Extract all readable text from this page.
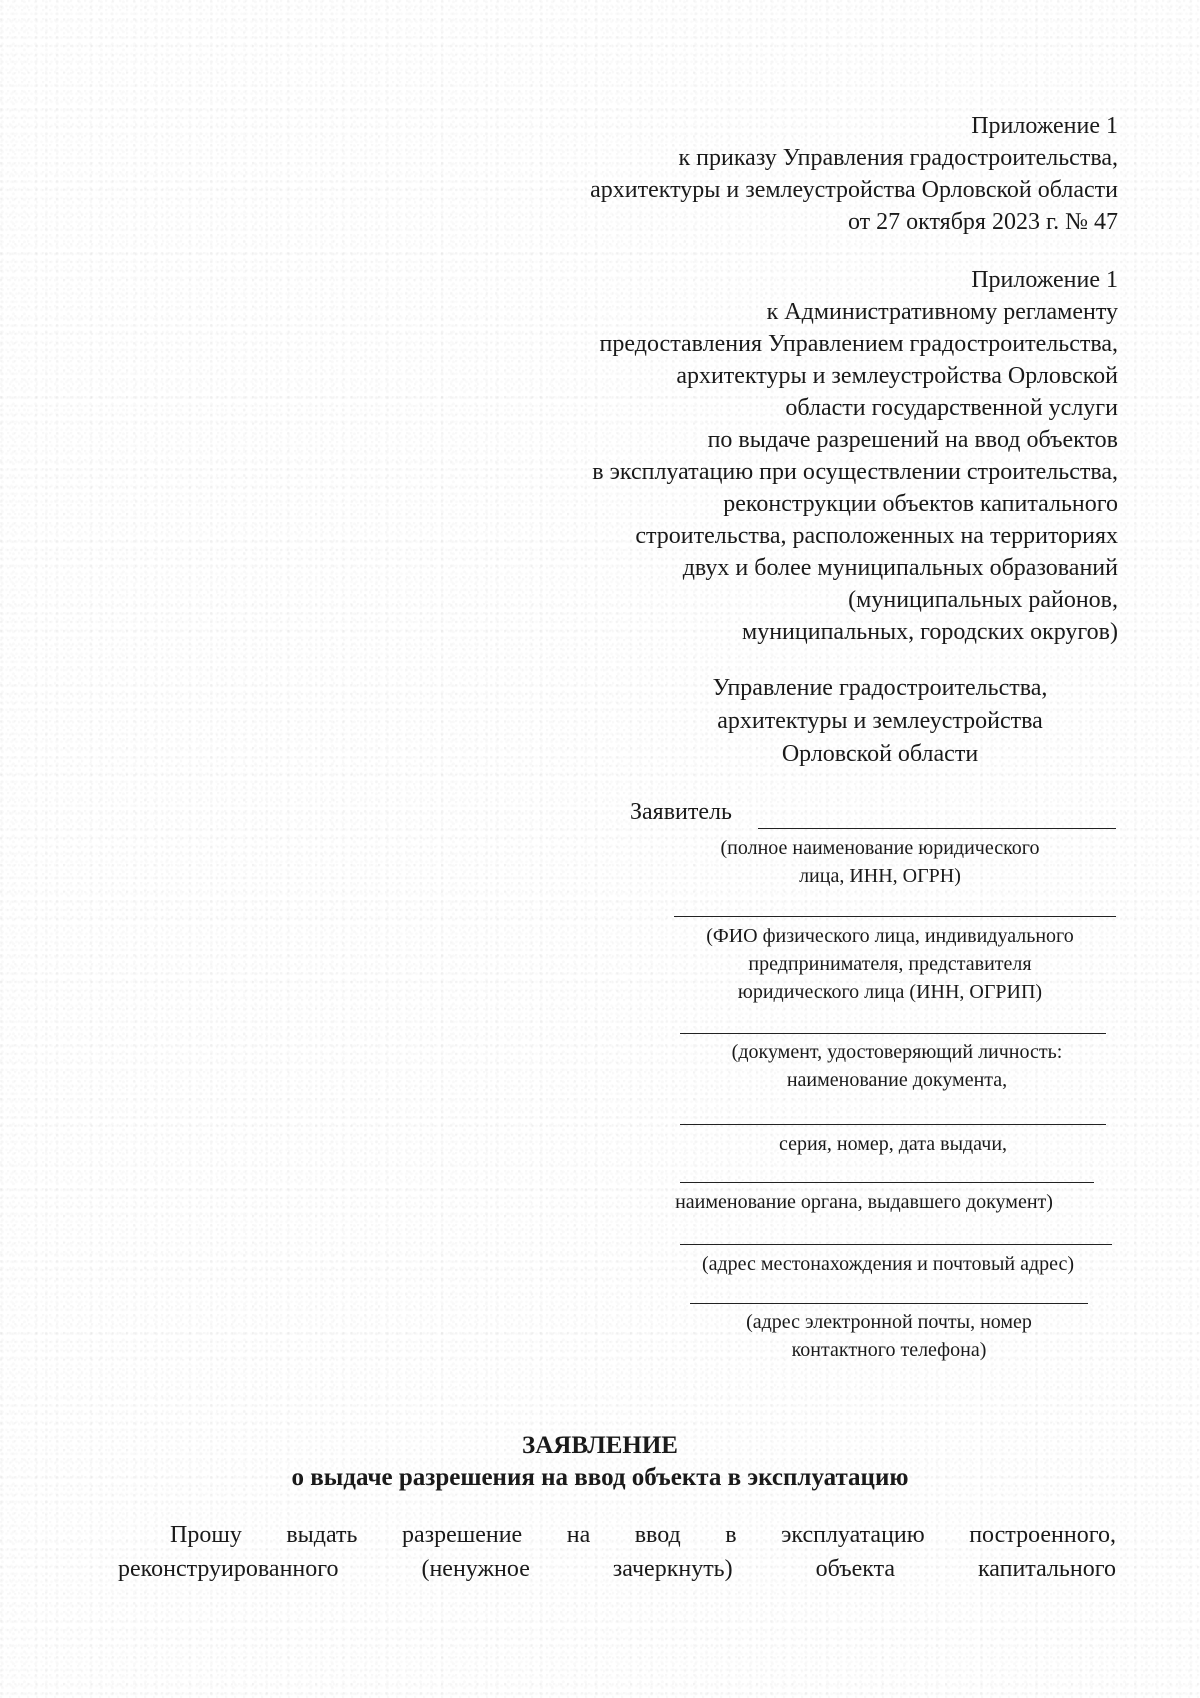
Приложение 1
к приказу Управления градостроительства,
архитектуры и землеустройства Орловской области
от 27 октября 2023 г. № 47
Приложение 1
к Административному регламенту
предоставления Управлением градостроительства,
архитектуры и землеустройства Орловской
области государственной услуги
по выдаче разрешений на ввод объектов
в эксплуатацию при осуществлении строительства,
реконструкции объектов капитального
строительства, расположенных на территориях
двух и более муниципальных образований
(муниципальных районов,
муниципальных, городских округов)
Управление градостроительства,
архитектуры и землеустройства
Орловской области
Заявитель
(полное наименование юридического
лица, ИНН, ОГРН)
(ФИО физического лица, индивидуального
предпринимателя, представителя
юридического лица (ИНН, ОГРИП)
(документ, удостоверяющий личность:
наименование документа,
серия, номер, дата выдачи,
наименование органа, выдавшего документ)
(адрес местонахождения и почтовый адрес)
(адрес электронной почты, номер
контактного телефона)
ЗАЯВЛЕНИЕ
о выдаче разрешения на ввод объекта в эксплуатацию
Прошу выдать разрешение на ввод в эксплуатацию построенного,
реконструированного	(ненужное	зачеркнуть)	объекта	капитального
